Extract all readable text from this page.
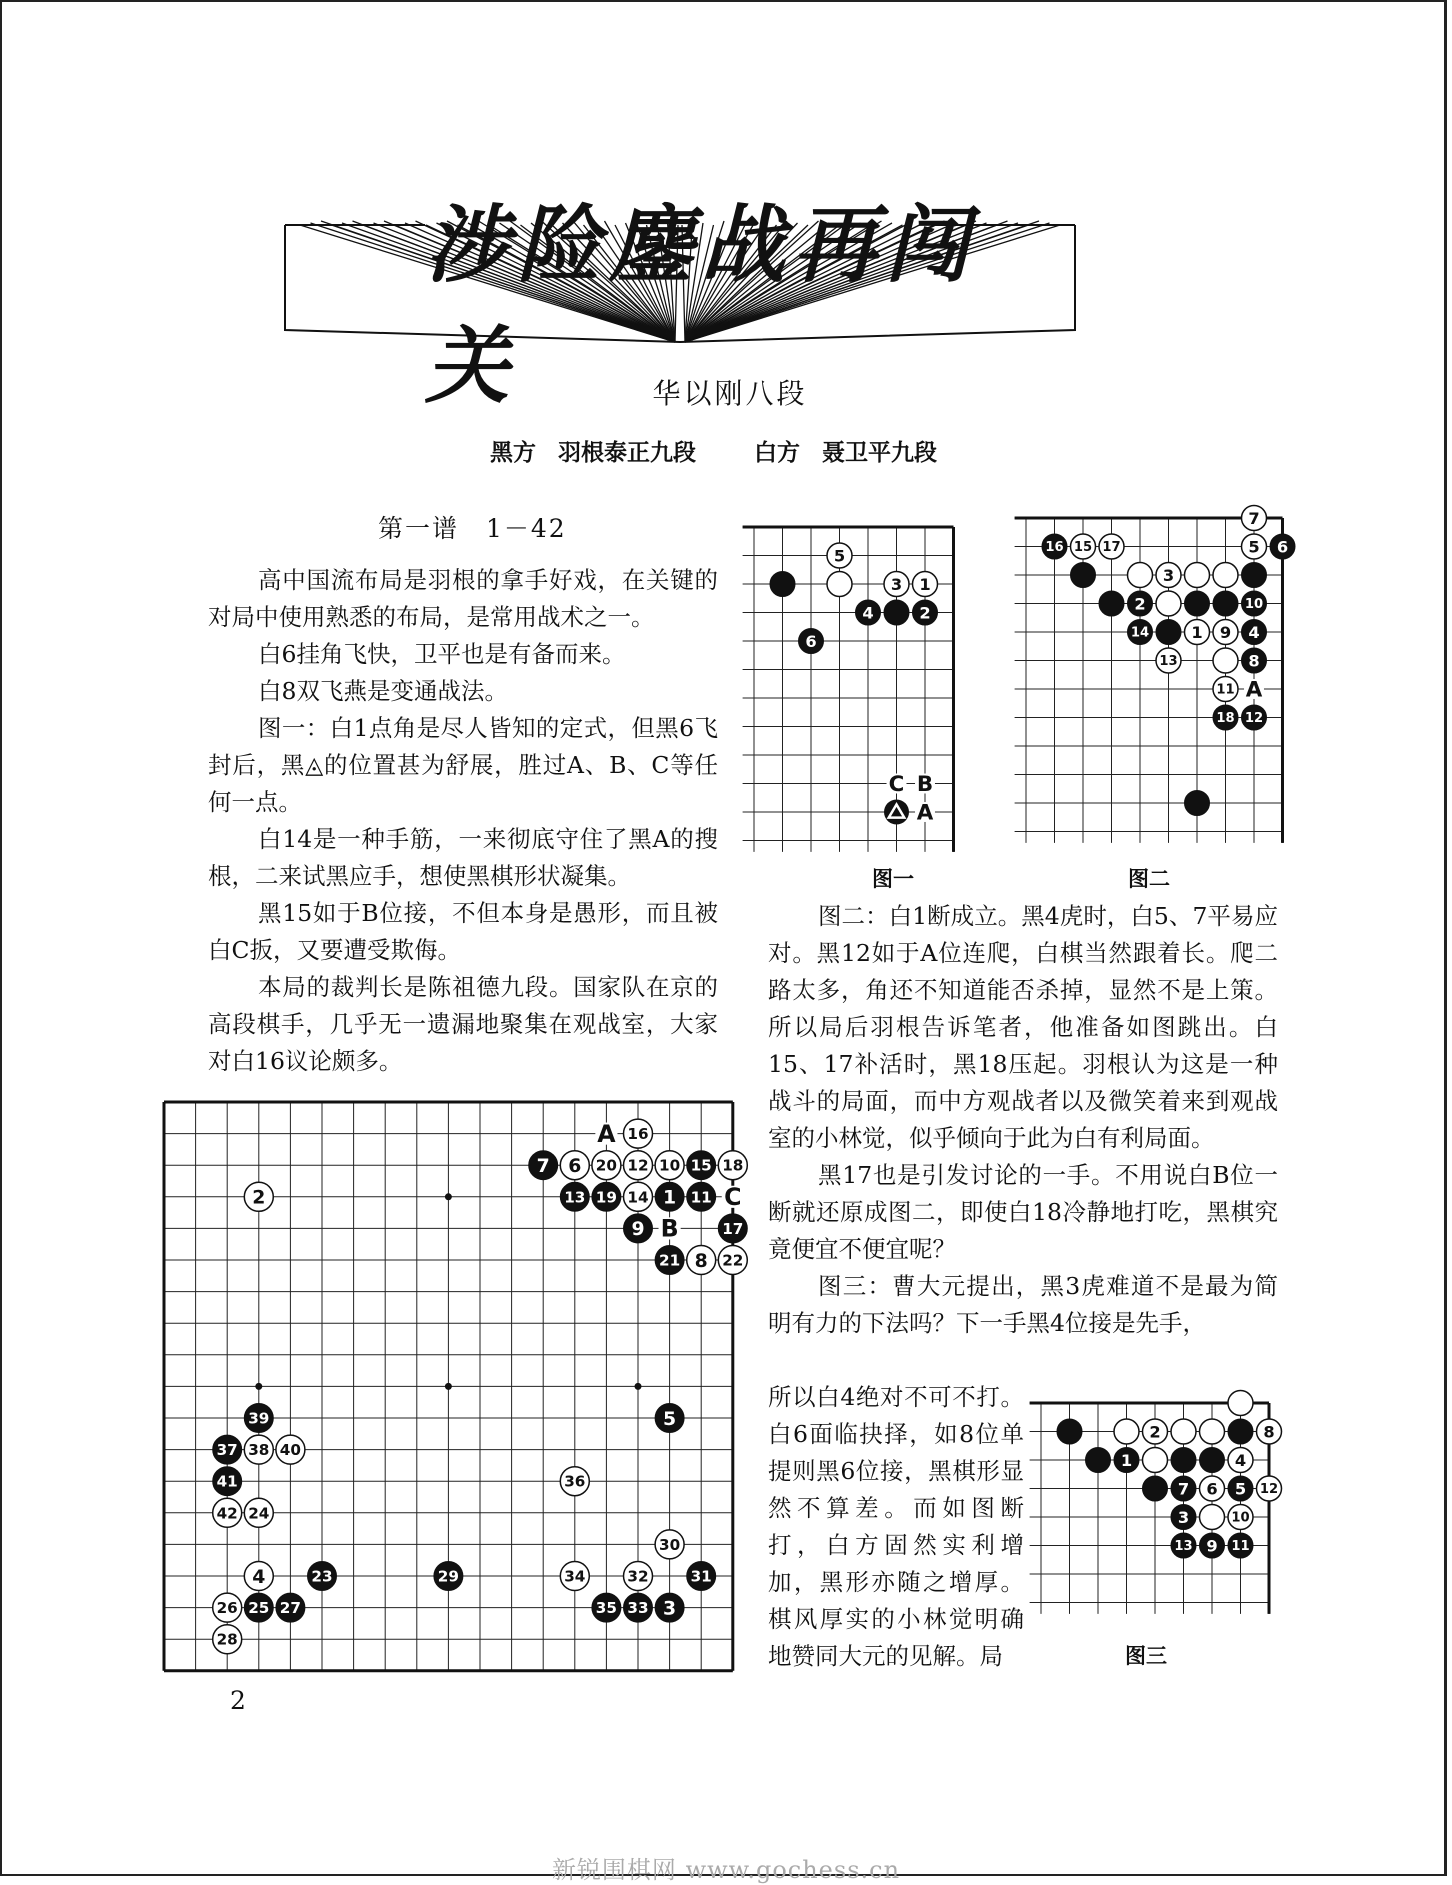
涉险鏖战再闯关	华以刚八段
黑方 羽根泰正九段	白方 聂卫平九段
第一谱　1－42

高中国流布局是羽根的拿手好戏，在关键的对局中使用熟悉的布局，是常用战术之一。

白6挂角飞快，卫平也是有备而来。

白8双飞燕是变通战法。

图一：白1点角是尽人皆知的定式，但黑6飞封后，黑◬的位置甚为舒展，胜过A、B、C等任何一点。

白14是一种手筋，一来彻底守住了黑A的搜根，二来试黑应手，想使黑棋形状凝集。

黑15如于B位接，不但本身是愚形，而且被白C扳，又要遭受欺侮。

本局的裁判长是陈祖德九段。国家队在京的高段棋手，几乎无一遗漏地聚集在观战室，大家对白16议论颇多。

C B
A
5
3 1
4	2
6
图一
A
7
16 15 17	5 6
3
2	10
14	1 9 4
13	8
11
18 12
图二

图二：白1断成立。黑4虎时，白5、7平易应对。黑12如于A位连爬，白棋当然跟着长。爬二路太多，角还不知道能否杀掉，显然不是上策。所以局后羽根告诉笔者，他准备如图跳出。白15、17补活时，黑18压起。羽根认为这是一种战斗的局面，而中方观战者以及微笑着来到观战室的小林觉，似乎倾向于此为白有利局面。

黑17也是引发讨论的一手。不用说白B位一断就还原成图二，即使白18冷静地打吃，黑棋究竟便宜不便宜呢？

图三：曹大元提出，黑3虎难道不是最为简明有力的下法吗？下一手黑4位接是先手，

所以白4绝对不可不打。白6面临抉择，如8位单提则黑6位接，黑棋形显然不算差。而如图断打，白方固然实利增加，黑形亦随之增厚。棋风厚实的小林觉明确地赞同大元的见解。局

2	8
1	4
7 6 5 12
3	10
13 9 11
图三
A
C
B
7
16
6 20 12 10 15 18
13 19 14 1 11
9	17
21 8 22
2
5
39
37 38 40
41	36
42 24
30
4	23	29	34	32	31
26 25 27	35 33 3
28
2
新锐围棋网 www.gochess.cn
